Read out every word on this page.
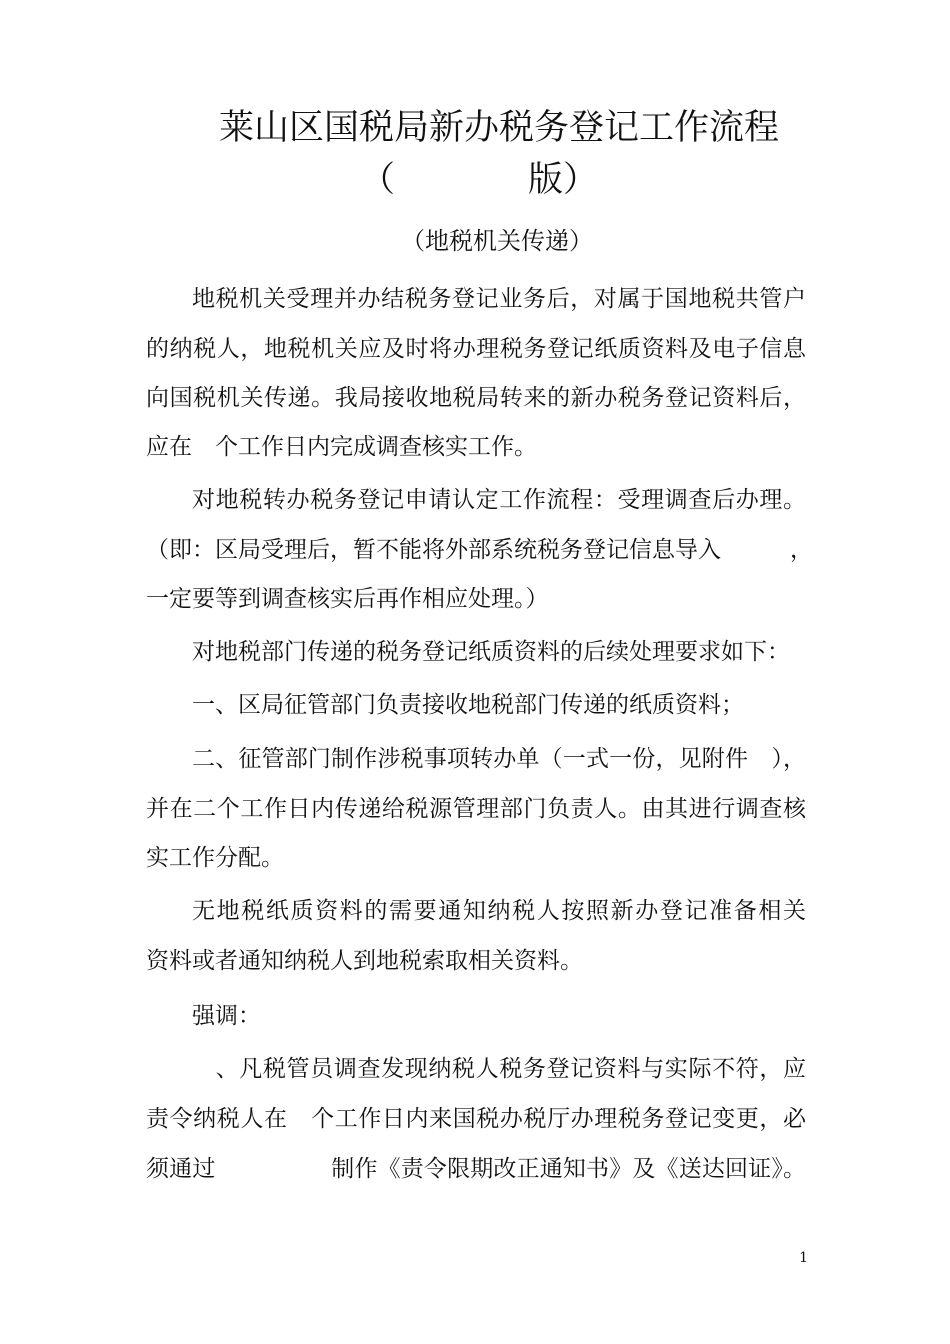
莱山区国税局新办税务登记工作流程
（	版）
（地税机关传递）
地税机关受理并办结税务登记业务后，对属于国地税共管户
的纳税人，地税机关应及时将办理税务登记纸质资料及电子信息
向国税机关传递。我局接收地税局转来的新办税务登记资料后，
应在　个工作日内完成调查核实工作。
对地税转办税务登记申请认定工作流程：受理调查后办理。
（即：区局受理后，暂不能将外部系统税务登记信息导入　　　，
一定要等到调查核实后再作相应处理。）
对地税部门传递的税务登记纸质资料的后续处理要求如下：
一、区局征管部门负责接收地税部门传递的纸质资料；
二、征管部门制作涉税事项转办单（一式一份，见附件　），
并在二个工作日内传递给税源管理部门负责人。由其进行调查核
实工作分配。
无地税纸质资料的需要通知纳税人按照新办登记准备相关
资料或者通知纳税人到地税索取相关资料。
强调：
　、凡税管员调查发现纳税人税务登记资料与实际不符，应
责令纳税人在　个工作日内来国税办税厅办理税务登记变更，必
须通过　　　　　制作《责令限期改正通知书》及《送达回证》。
1
